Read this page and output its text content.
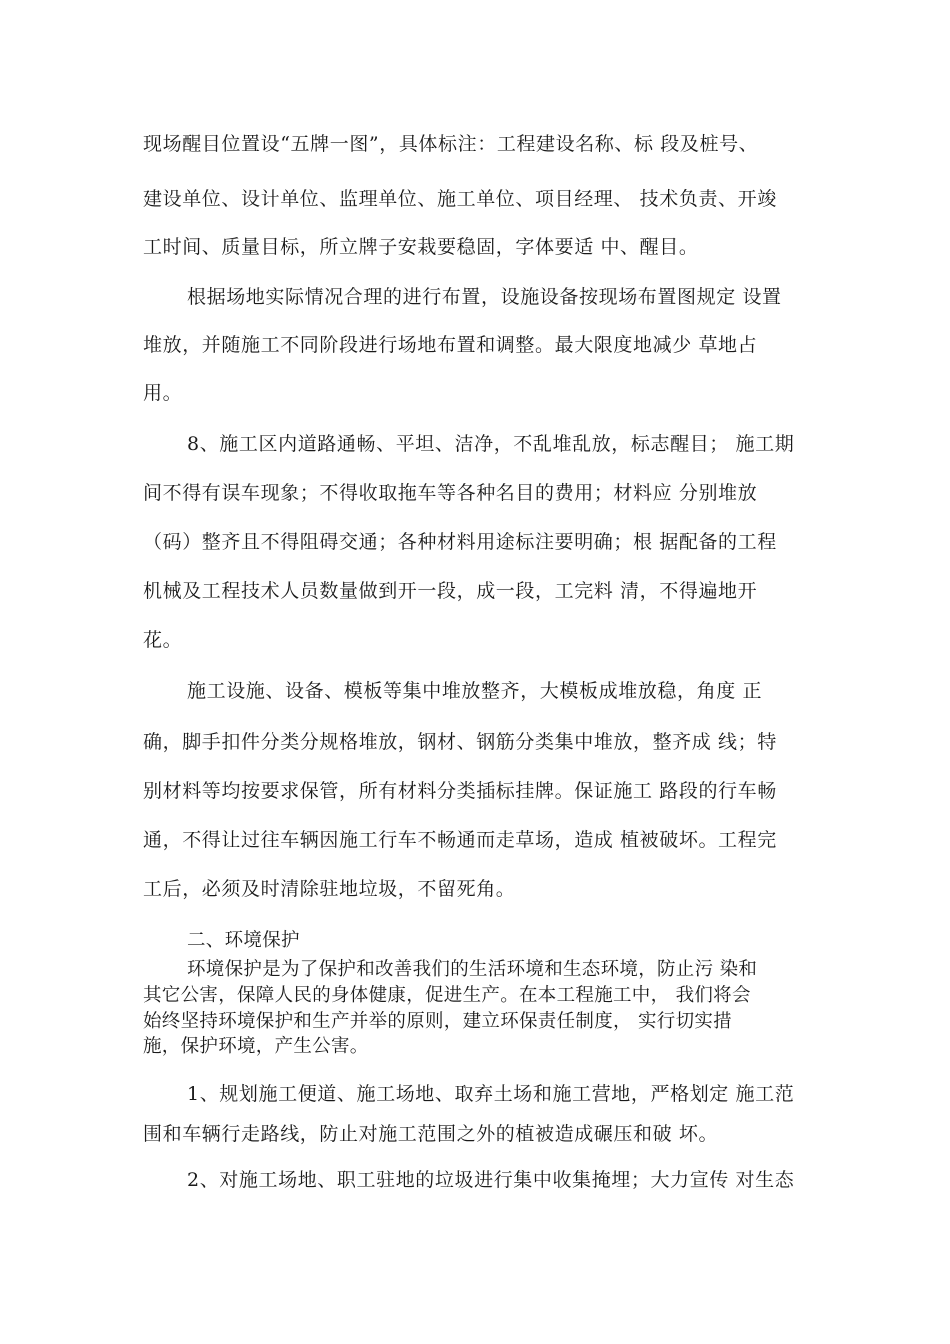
现场醒目位置设“五牌一图”，具体标注：工程建设名称、标 段及桩号、
建设单位、设计单位、监理单位、施工单位、项目经理、 技术负责、开竣
工时间、质量目标，所立牌子安栽要稳固，字体要适 中、醒目。
根据场地实际情况合理的进行布置，设施设备按现场布置图规定 设置
堆放，并随施工不同阶段进行场地布置和调整。最大限度地减少 草地占
用。
8、施工区内道路通畅、平坦、洁净，不乱堆乱放，标志醒目； 施工期
间不得有误车现象；不得收取拖车等各种名目的费用；材料应 分别堆放
（码）整齐且不得阻碍交通；各种材料用途标注要明确；根 据配备的工程
机械及工程技术人员数量做到开一段，成一段，工完料 清，不得遍地开
花。
施工设施、设备、模板等集中堆放整齐，大模板成堆放稳，角度 正
确，脚手扣件分类分规格堆放，钢材、钢筋分类集中堆放，整齐成 线；特
别材料等均按要求保管，所有材料分类插标挂牌。保证施工 路段的行车畅
通，不得让过往车辆因施工行车不畅通而走草场，造成 植被破坏。工程完
工后，必须及时清除驻地垃圾，不留死角。
二、环境保护
环境保护是为了保护和改善我们的生活环境和生态环境，防止污 染和
其它公害，保障人民的身体健康，促进生产。在本工程施工中， 我们将会
始终坚持环境保护和生产并举的原则，建立环保责任制度， 实行切实措
施，保护环境，产生公害。
1、规划施工便道、施工场地、取弃土场和施工营地，严格划定 施工范
围和车辆行走路线，防止对施工范围之外的植被造成碾压和破 坏。
2、对施工场地、职工驻地的垃圾进行集中收集掩埋；大力宣传 对生态
